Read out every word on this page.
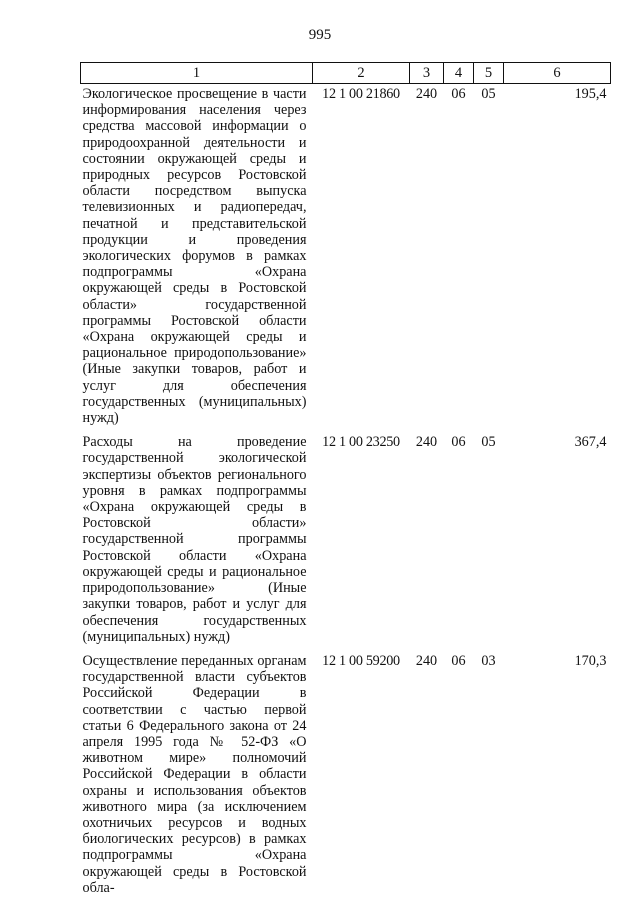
995
1	2	3	4	5	6
Экологическое просвещение в части информирования населения через средства массовой информации о природоохранной деятельности и состоянии окружающей среды и природных ресурсов Ростовской области посредством выпуска телевизионных и радиопередач, печатной и представительской продукции и проведения экологических форумов в рамках подпрограммы «Охрана окружающей среды в Ростовской области» государственной программы Ростовской области «Охрана окружающей среды и рациональное природопользование» (Иные закупки товаров, работ и услуг для обеспечения государственных (муниципальных) нужд)	12 1 00 21860	240	06	05	195,4
Расходы на проведение государственной экологической экспертизы объектов регионального уровня в рамках подпрограммы «Охрана окружающей среды в Ростовской области» государственной программы Ростовской области «Охрана окружающей среды и рациональное природопользование» (Иные закупки товаров, работ и услуг для обеспечения государственных (муниципальных) нужд)	12 1 00 23250	240	06	05	367,4
Осуществление переданных органам государственной власти субъектов Российской Федерации в соответствии с частью первой статьи 6 Федерального закона от 24 апреля 1995 года № 52-ФЗ «О животном мире» полномочий Российской Федерации в области охраны и использования объектов животного мира (за исключением охотничьих ресурсов и водных биологических ресурсов) в рамках подпрограммы «Охрана окружающей среды в Ростовской обла-	12 1 00 59200	240	06	03	170,3
